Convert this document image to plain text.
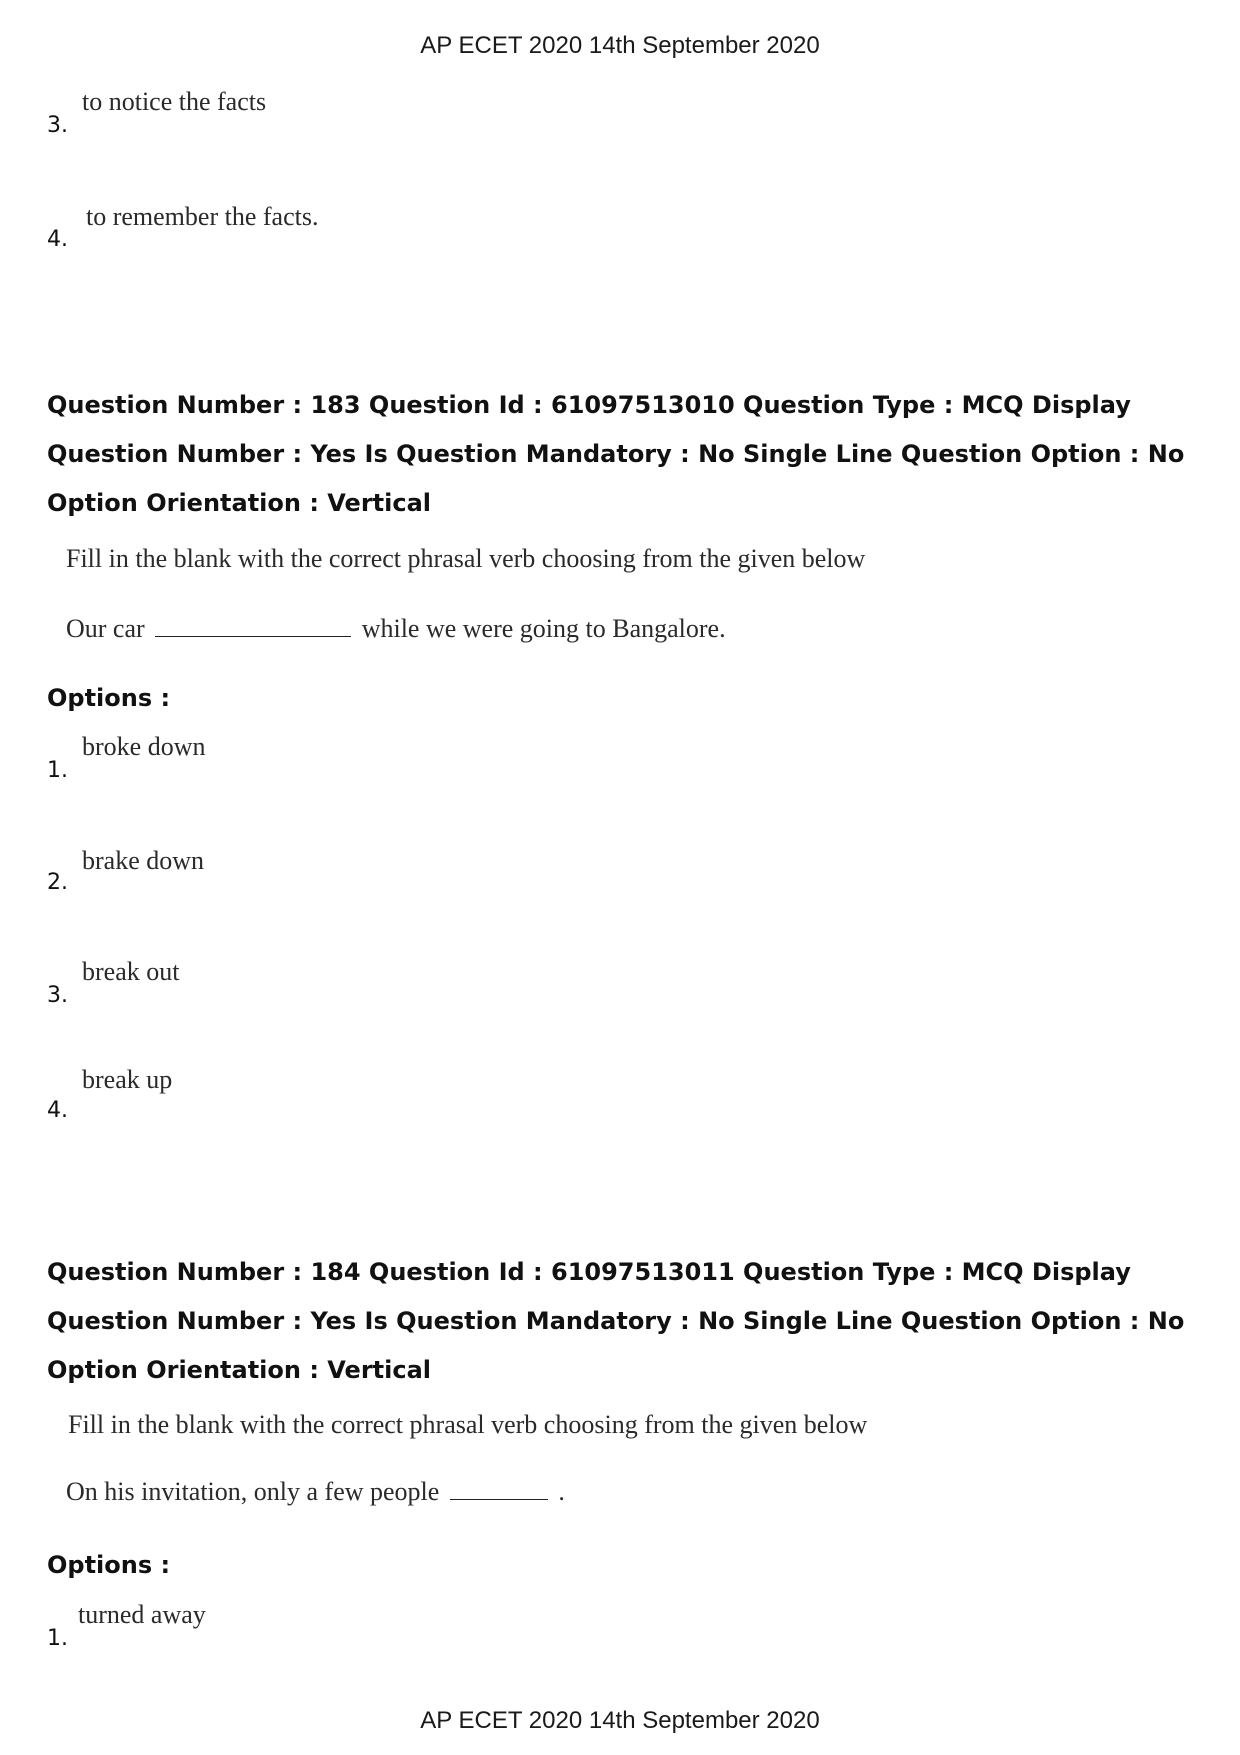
AP ECET 2020 14th September 2020
3.
to notice the facts
4.
to remember the facts.
Question Number : 183 Question Id : 61097513010 Question Type : MCQ Display Question Number : Yes Is Question Mandatory : No Single Line Question Option : No Option Orientation : Vertical
Fill in the blank with the correct phrasal verb choosing from the given below
Our car	while we were going to Bangalore.
Options :
1.
broke down
2.
brake down
3.
break out
4.
break up
Question Number : 184 Question Id : 61097513011 Question Type : MCQ Display Question Number : Yes Is Question Mandatory : No Single Line Question Option : No Option Orientation : Vertical
Fill in the blank with the correct phrasal verb choosing from the given below
On his invitation, only a few people	.
Options :
1.
turned away
AP ECET 2020 14th September 2020
